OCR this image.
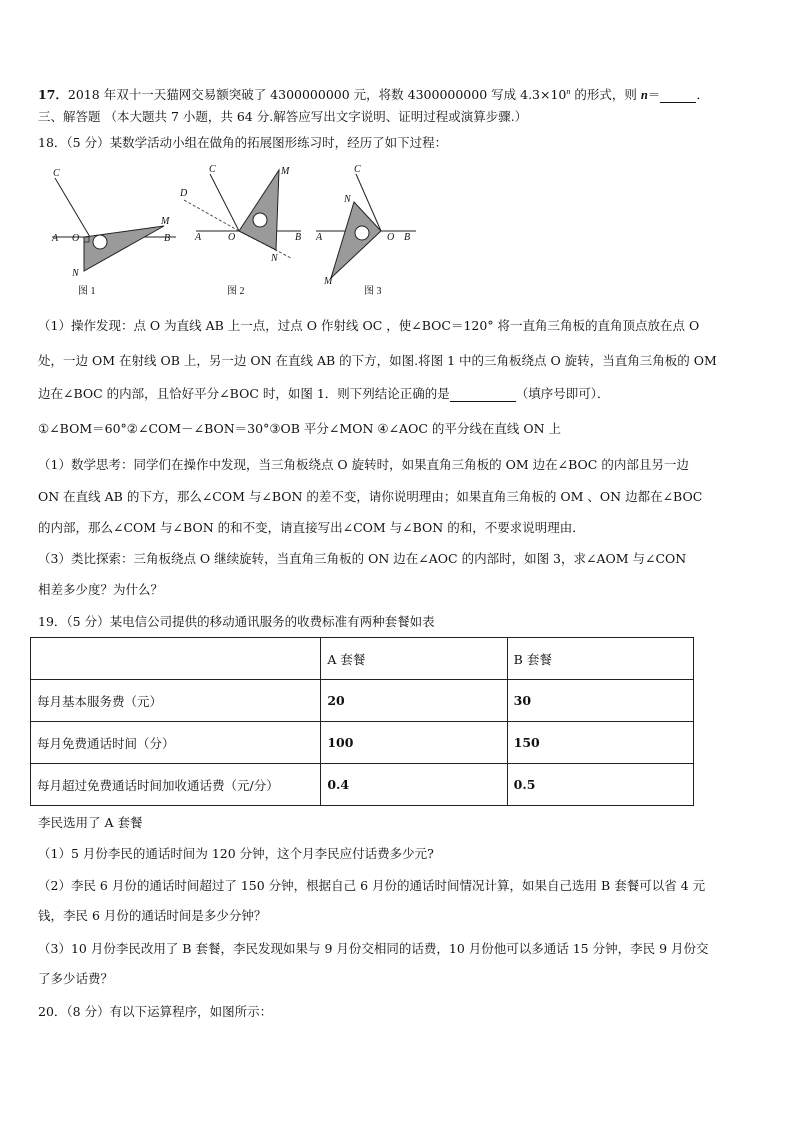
17．2018 年双十一天猫网交易额突破了 4300000000 元，将数 4300000000 写成 $4.3\times 10^n$ 的形式，则 n＝	．
三、解答题 （本大题共 7 小题，共 64 分.解答应写出文字说明、证明过程或演算步骤.）
18．（5 分）某数学活动小组在做角的拓展图形练习时，经历了如下过程：
C
A O
M
B
N
图 1
C
D
M
A	O	B
N
图 2
C
N
A	O B
M
图 3
（1）操作发现：点 O 为直线 AB 上一点，过点 O 作射线 OC ，使∠BOC＝120° 将一直角三角板的直角顶点放在点 O
处，一边 OM 在射线 OB 上，另一边 ON 在直线 AB 的下方，如图.将图 1 中的三角板绕点 O 旋转，当直角三角板的 OM
边在∠BOC 的内部，且恰好平分∠BOC 时，如图 1．则下列结论正确的是	（填序号即可）．
①∠BOM＝60°②∠COM－∠BON＝30°③OB 平分∠MON ④∠AOC 的平分线在直线 ON 上
（1）数学思考：同学们在操作中发现，当三角板绕点 O 旋转时，如果直角三角板的 OM 边在∠BOC 的内部且另一边
ON 在直线 AB 的下方，那么∠COM 与∠BON 的差不变，请你说明理由；如果直角三角板的 OM 、ON 边都在∠BOC
的内部，那么∠COM 与∠BON 的和不变，请直接写出∠COM 与∠BON 的和，不要求说明理由．
（3）类比探索：三角板绕点 O 继续旋转，当直角三角板的 ON 边在∠AOC 的内部时，如图 3，求∠AOM 与∠CON
相差多少度？为什么？
19．（5 分）某电信公司提供的移动通讯服务的收费标准有两种套餐如表
	A 套餐	B 套餐
每月基本服务费（元）	20	30
每月免费通话时间（分）	100	150
每月超过免费通话时间加收通话费（元/分）	0.4	0.5
李民选用了 A 套餐
（1）5 月份李民的通话时间为 120 分钟，这个月李民应付话费多少元?
（2）李民 6 月份的通话时间超过了 150 分钟，根据自己 6 月份的通话时间情况计算，如果自己选用 B 套餐可以省 4 元
钱，李民 6 月份的通话时间是多少分钟？
（3）10 月份李民改用了 B 套餐，李民发现如果与 9 月份交相同的话费，10 月份他可以多通话 15 分钟，李民 9 月份交
了多少话费？
20．（8 分）有以下运算程序，如图所示：
